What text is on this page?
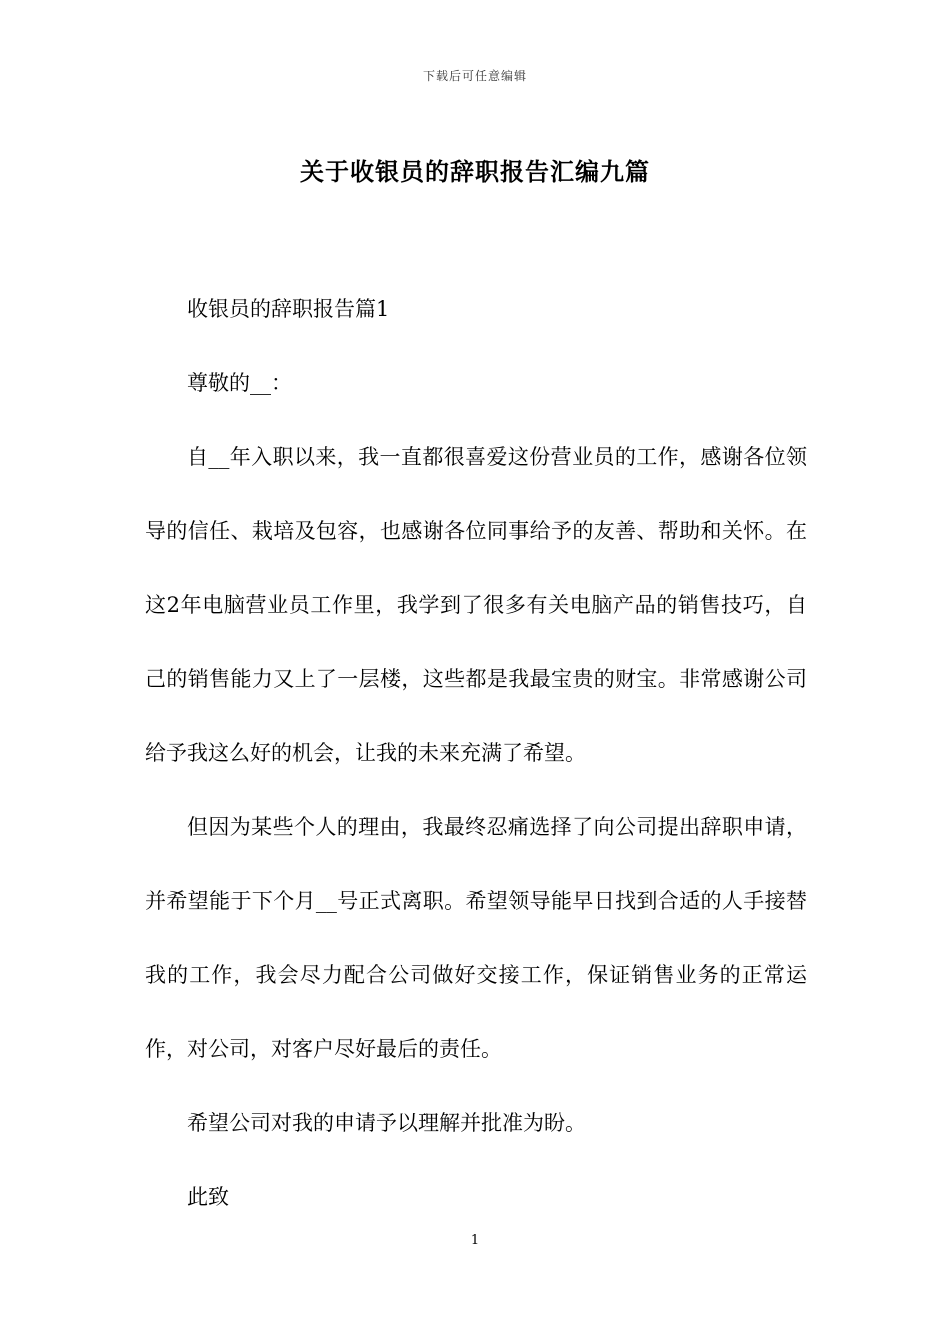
下载后可任意编辑
关于收银员的辞职报告汇编九篇

收银员的辞职报告篇1

尊敬的__：

自__年入职以来，我一直都很喜爱这份营业员的工作，感谢各位领导的信任、栽培及包容，也感谢各位同事给予的友善、帮助和关怀。在这2年电脑营业员工作里，我学到了很多有关电脑产品的销售技巧，自己的销售能力又上了一层楼，这些都是我最宝贵的财宝。非常感谢公司给予我这么好的机会，让我的未来充满了希望。

但因为某些个人的理由，我最终忍痛选择了向公司提出辞职申请，并希望能于下个月__号正式离职。希望领导能早日找到合适的人手接替我的工作，我会尽力配合公司做好交接工作，保证销售业务的正常运作，对公司，对客户尽好最后的责任。

希望公司对我的申请予以理解并批准为盼。

此致

1
